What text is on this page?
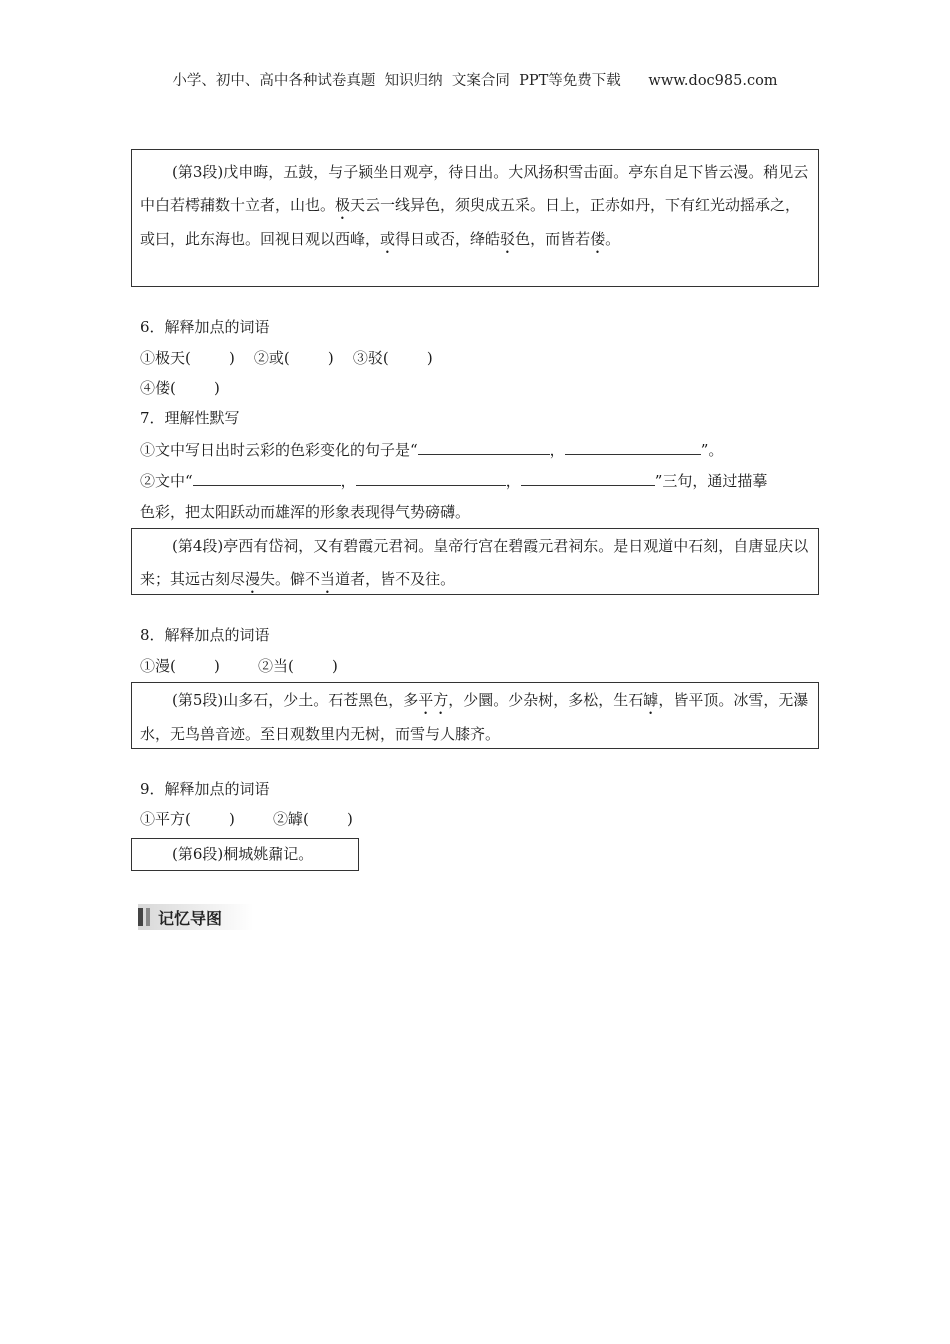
小学、初中、高中各种试卷真题  知识归纳  文案合同  PPT等免费下载      www.doc985.com

(第3段)戊申晦，五鼓，与子颍坐日观亭，待日出。大风扬积雪击面。亭东自足下皆云漫。稍见云中白若樗蒱数十立者，山也。极天云一线异色，须臾成五采。日上，正赤如丹，下有红光动摇承之，或曰，此东海也。回视日观以西峰，或得日或否，绛皓驳色，而皆若偻。

6．解释加点的词语
①极天(        )    ②或(        )    ③驳(        )
④偻(        )
7．理解性默写
①文中写日出时云彩的色彩变化的句子是“	，	”。
②文中“	，	，	”三句，通过描摹
色彩，把太阳跃动而雄浑的形象表现得气势磅礴。

(第4段)亭西有岱祠，又有碧霞元君祠。皇帝行宫在碧霞元君祠东。是日观道中石刻，自唐显庆以来；其远古刻尽漫失。僻不当道者，皆不及往。

8．解释加点的词语
①漫(        )        ②当(        )

(第5段)山多石，少土。石苍黑色，多平方，少圜。少杂树，多松，生石罅，皆平顶。冰雪，无瀑水，无鸟兽音迹。至日观数里内无树，而雪与人膝齐。

9．解释加点的词语
①平方(        )        ②罅(        )

(第6段)桐城姚鼐记。

记忆导图
